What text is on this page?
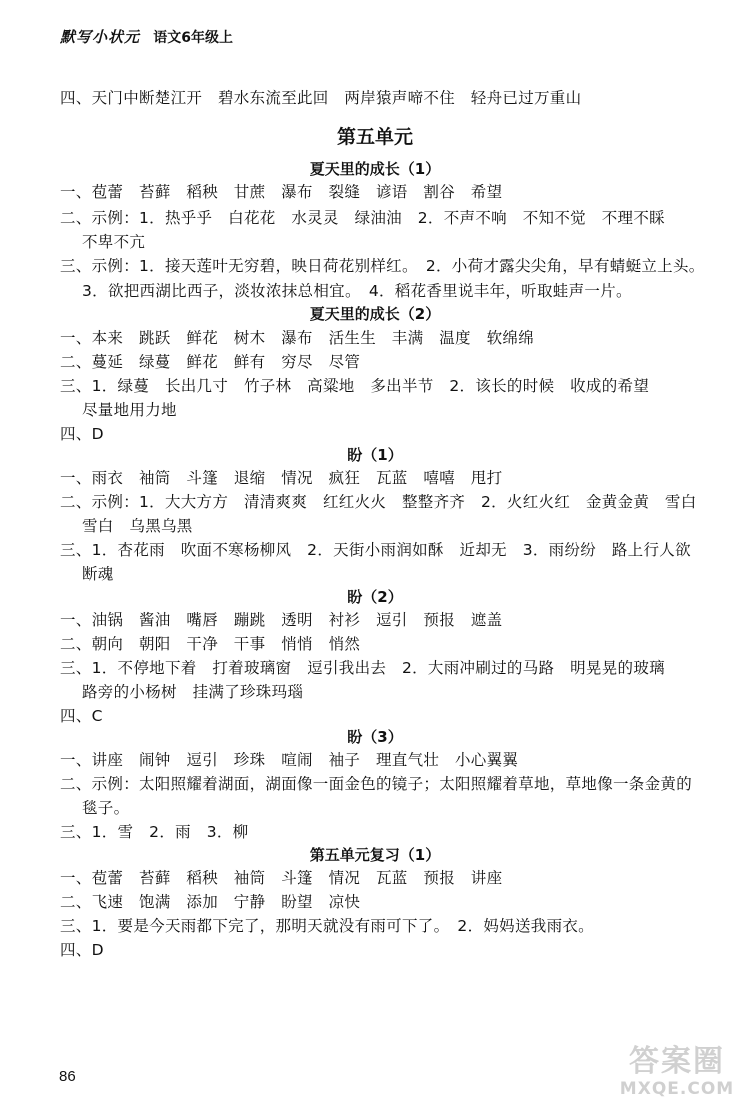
默写小状元 语文6年级上
第五单元
夏天里的成长（1）
夏天里的成长（2）
盼（1）
盼（2）
盼（3）
第五单元复习（1）
四、天门中断楚江开　碧水东流至此回　两岸猿声啼不住　轻舟已过万重山
一、苞蕾　苔藓　稻秧　甘蔗　瀑布　裂缝　谚语　割谷　希望
二、示例：1．热乎乎　白花花　水灵灵　绿油油　2．不声不响　不知不觉　不理不睬
不卑不亢
三、示例：1．接天莲叶无穷碧，映日荷花别样红。　2．小荷才露尖尖角，早有蜻蜓立上头。
3．欲把西湖比西子，淡妆浓抹总相宜。　4．稻花香里说丰年，听取蛙声一片。
一、本来　跳跃　鲜花　树木　瀑布　活生生　丰满　温度　软绵绵
二、蔓延　绿蔓　鲜花　鲜有　穷尽　尽管
三、1．绿蔓　长出几寸　竹子林　高粱地　多出半节　2．该长的时候　收成的希望
尽量地用力地
四、D
一、雨衣　袖筒　斗篷　退缩　情况　疯狂　瓦蓝　嘻嘻　甩打
二、示例：1．大大方方　清清爽爽　红红火火　整整齐齐　2．火红火红　金黄金黄　雪白
雪白　乌黑乌黑
三、1．杏花雨　吹面不寒杨柳风　2．天街小雨润如酥　近却无　3．雨纷纷　路上行人欲
断魂
一、油锅　酱油　嘴唇　蹦跳　透明　衬衫　逗引　预报　遮盖
二、朝向　朝阳　干净　干事　悄悄　悄然
三、1．不停地下着　打着玻璃窗　逗引我出去　2．大雨冲刷过的马路　明晃晃的玻璃
路旁的小杨树　挂满了珍珠玛瑙
四、C
一、讲座　闹钟　逗引　珍珠　喧闹　袖子　理直气壮　小心翼翼
二、示例：太阳照耀着湖面，湖面像一面金色的镜子；太阳照耀着草地，草地像一条金黄的
毯子。
三、1．雪　2．雨　3．柳
一、苞蕾　苔藓　稻秧　袖筒　斗篷　情况　瓦蓝　预报　讲座
二、飞速　饱满　添加　宁静　盼望　凉快
三、1．要是今天雨都下完了，那明天就没有雨可下了。　2．妈妈送我雨衣。
四、D
86	答案圈
MXQE.COM
